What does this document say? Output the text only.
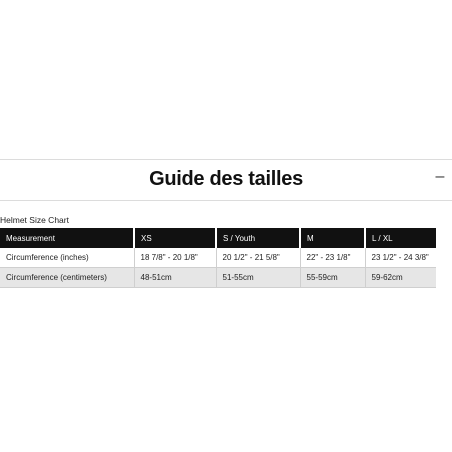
Guide des tailles	–
Helmet Size Chart
Measurement	XS	S / Youth	M	L / XL
Circumference (inches)	18 7/8" - 20 1/8"	20 1/2" - 21 5/8"	22" - 23 1/8"	23 1/2" - 24 3/8"
Circumference (centimeters)	48-51cm	51-55cm	55-59cm	59-62cm
